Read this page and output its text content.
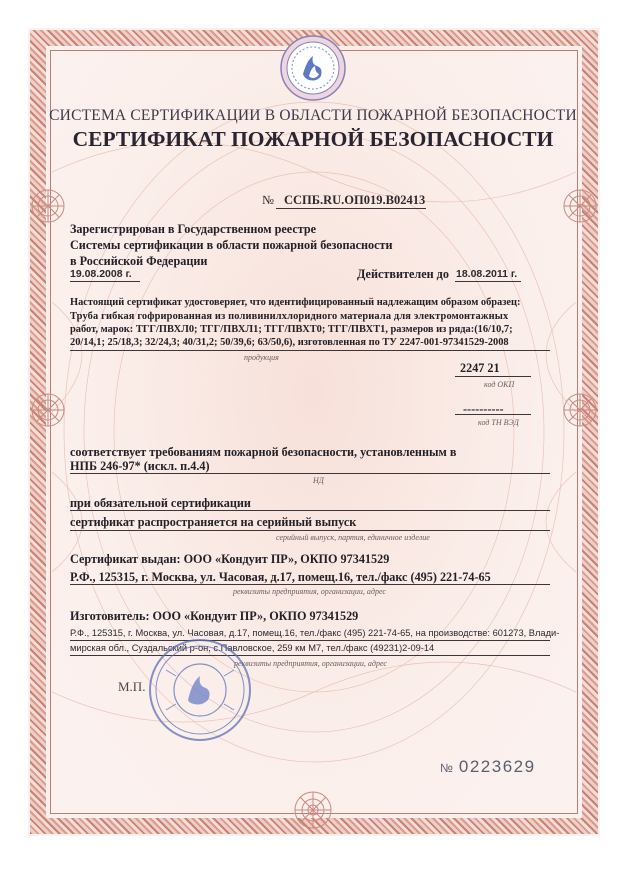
СИСТЕМА СЕРТИФИКАЦИИ В ОБЛАСТИ ПОЖАРНОЙ БЕЗОПАСНОСТИ
СЕРТИФИКАТ ПОЖАРНОЙ БЕЗОПАСНОСТИ
№ ССПБ.RU.ОП019.В02413
Зарегистрирован в Государственном реестре
Системы сертификации в области пожарной безопасности
в Российской Федерации
19.08.2008 г.	Действителен до 18.08.2011 г.
Настоящий сертификат удостоверяет, что идентифицированный надлежащим образом образец:
Труба гибкая гофрированная из поливинилхлоридного материала для электромонтажных
работ, марок: ТГГ/ПВХЛ0; ТГГ/ПВХЛ1; ТГГ/ПВХТ0; ТГГ/ПВХТ1, размеров из ряда:(16/10,7;
20/14,1; 25/18,3; 32/24,3; 40/31,2; 50/39,6; 63/50,6), изготовленная по ТУ 2247-001-97341529-2008
продукция
2247 21
код ОКП
----------
код ТН ВЭД
соответствует требованиям пожарной безопасности, установленным в
НПБ 246-97* (искл. п.4.4)
НД
при обязательной сертификации
сертификат распространяется на серийный выпуск
серийный выпуск, партия, единичное изделие
Сертификат выдан: ООО «Кондуит ПР», ОКПО 97341529
Р.Ф., 125315, г. Москва, ул. Часовая, д.17, помещ.16, тел./факс (495) 221-74-65
реквизиты предприятия, организации, адрес
Изготовитель: ООО «Кондуит ПР», ОКПО 97341529
Р.Ф., 125315, г. Москва, ул. Часовая, д.17, помещ.16, тел./факс (495) 221-74-65, на производстве: 601273, Влади-
мирская обл., Суздальский р-он, с.Павловское, 259 км М7, тел./факс (49231)2-09-14
реквизиты предприятия, организации, адрес
М.П.
№ 0223629
